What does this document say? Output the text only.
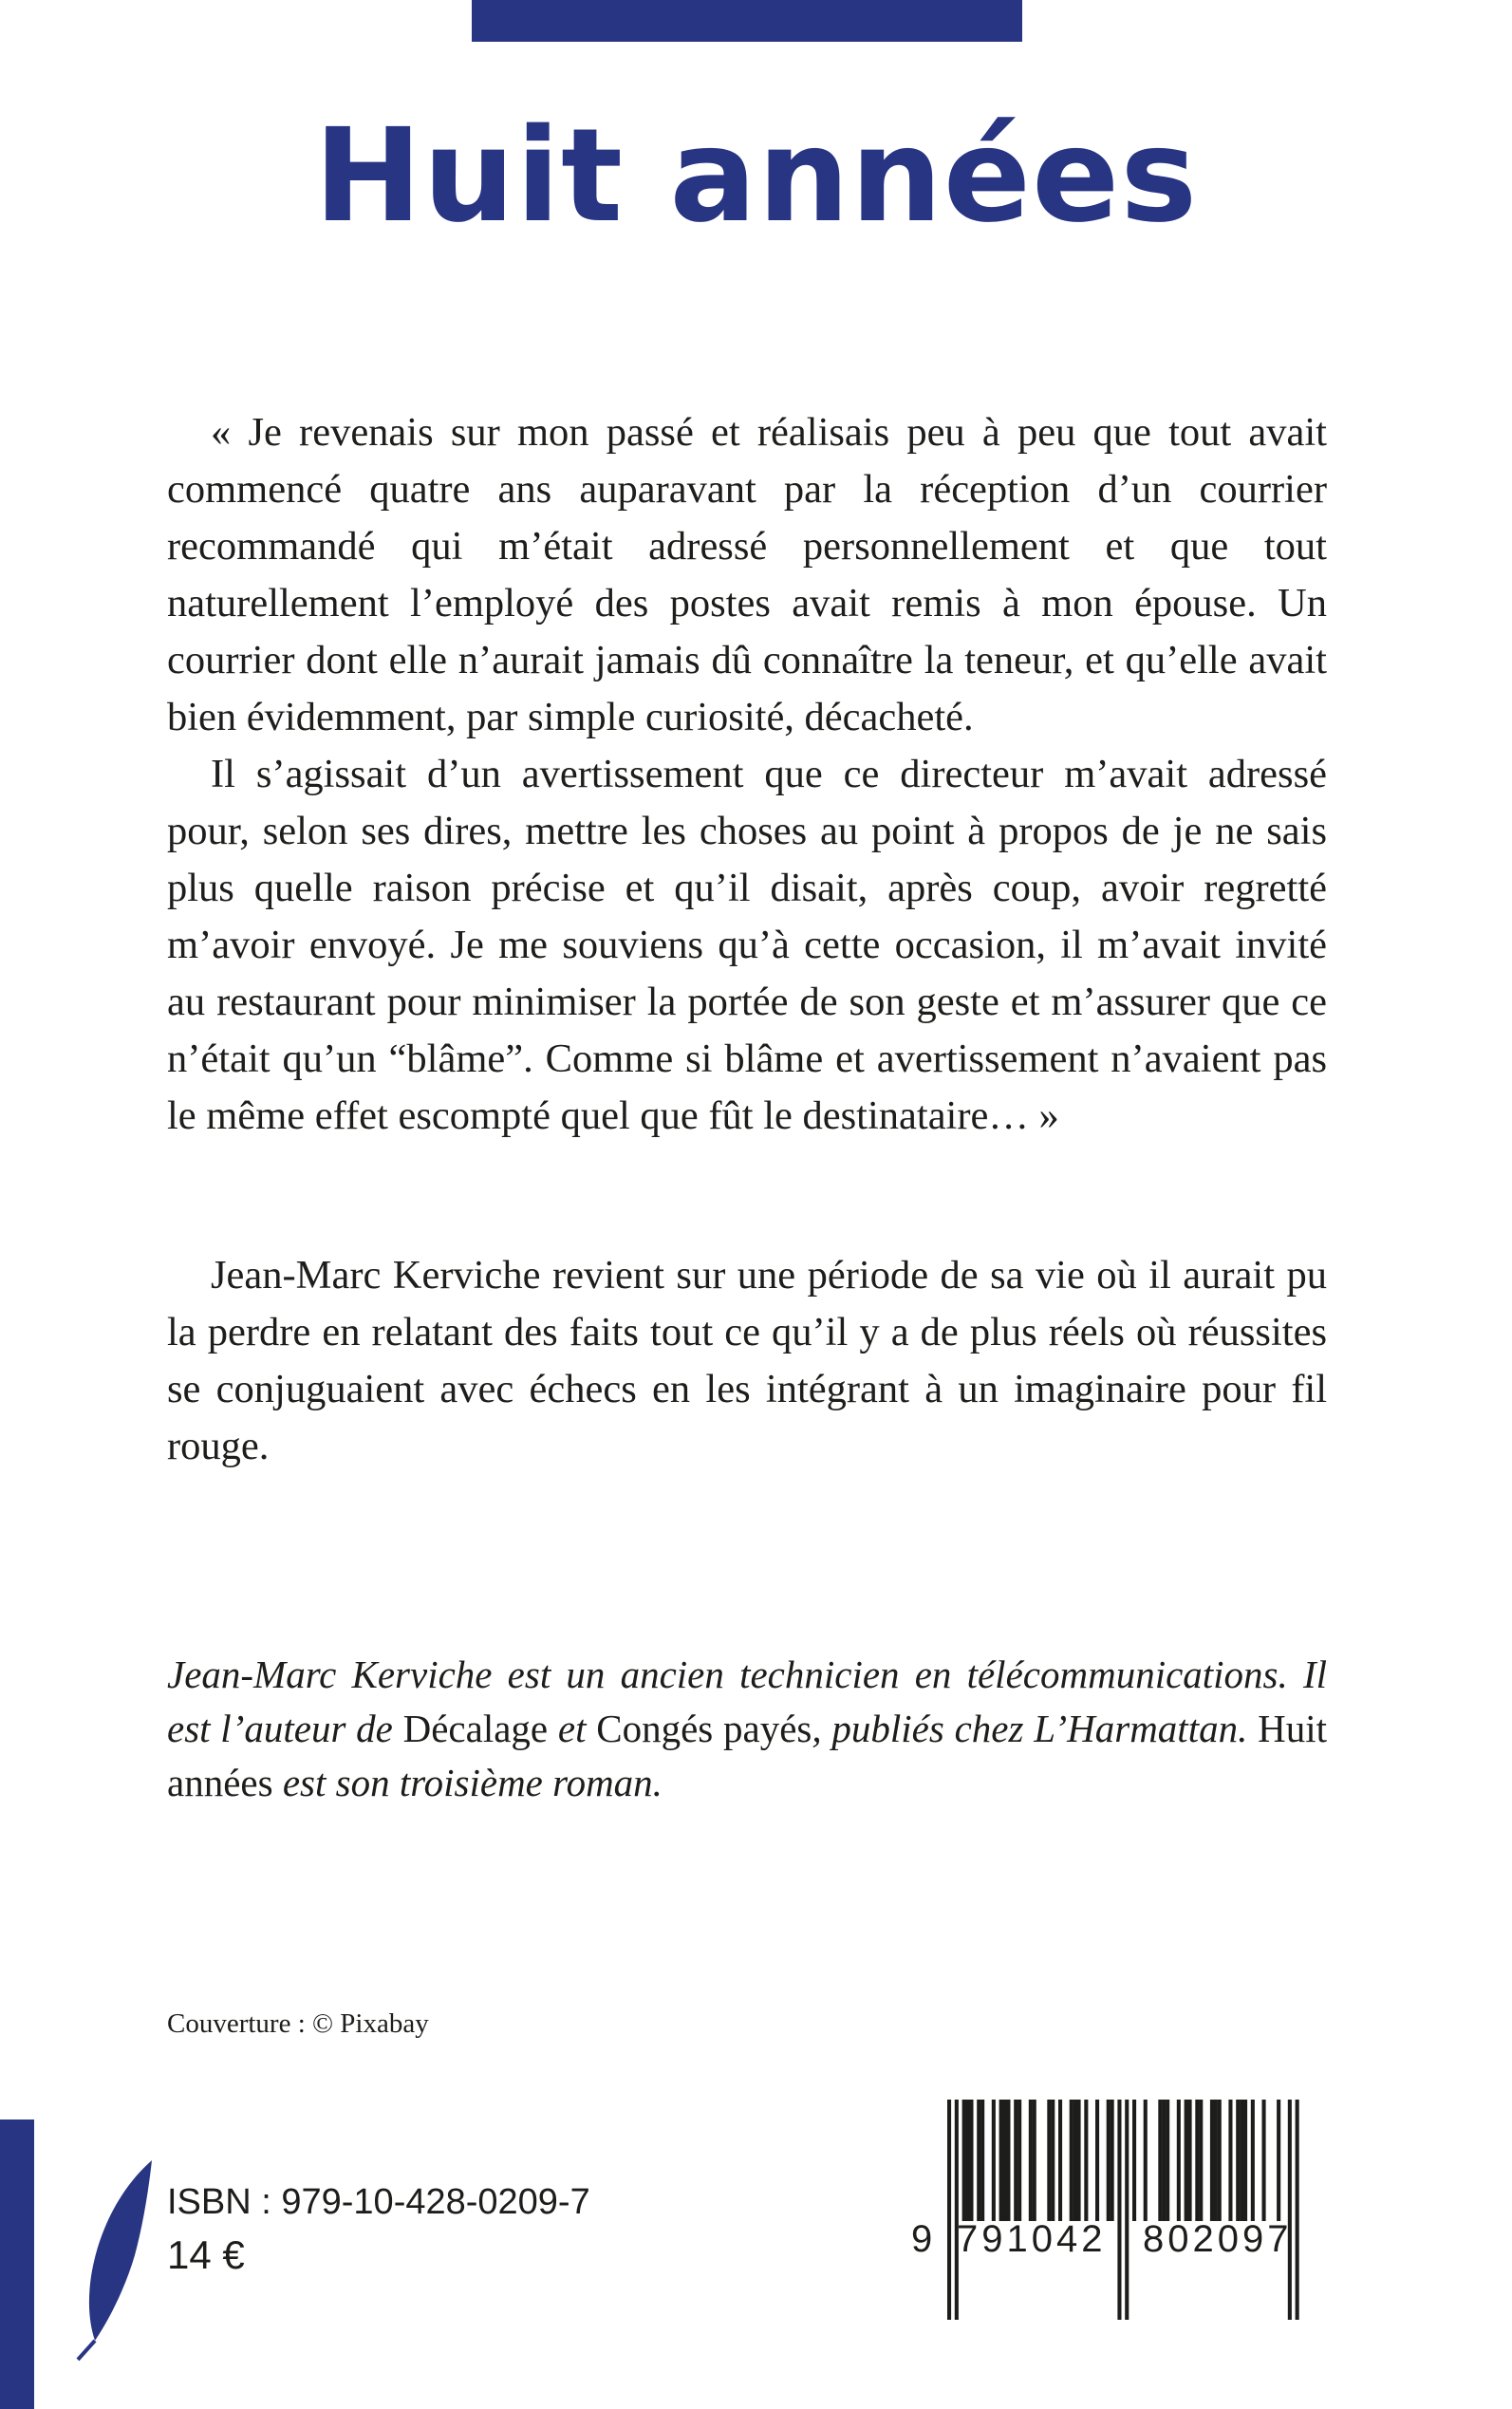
Huit années

« Je revenais sur mon passé et réalisais peu à peu que tout avait commencé quatre ans auparavant par la réception d’un courrier recommandé qui m’était adressé personnellement et que tout naturellement l’employé des postes avait remis à mon épouse. Un courrier dont elle n’aurait jamais dû connaître la teneur, et qu’elle avait bien évidemment, par simple curiosité, décacheté.

Il s’agissait d’un avertissement que ce directeur m’avait adressé pour, selon ses dires, mettre les choses au point à propos de je ne sais plus quelle raison précise et qu’il disait, après coup, avoir regretté m’avoir envoyé. Je me souviens qu’à cette occasion, il m’avait invité au restaurant pour minimiser la portée de son geste et m’assurer que ce n’était qu’un “blâme”. Comme si blâme et avertissement n’avaient pas le même effet escompté quel que fût le destinataire… »

Jean-Marc Kerviche revient sur une période de sa vie où il aurait pu la perdre en relatant des faits tout ce qu’il y a de plus réels où réussites se conjuguaient avec échecs en les intégrant à un imaginaire pour fil rouge.

Jean-Marc Kerviche est un ancien technicien en télécommunications. Il est l’auteur de Décalage et Congés payés, publiés chez L’Harmattan. Huit années est son troisième roman.

Couverture : © Pixabay
ISBN : 979-10-428-0209-7
14 €	9 791042 802097
